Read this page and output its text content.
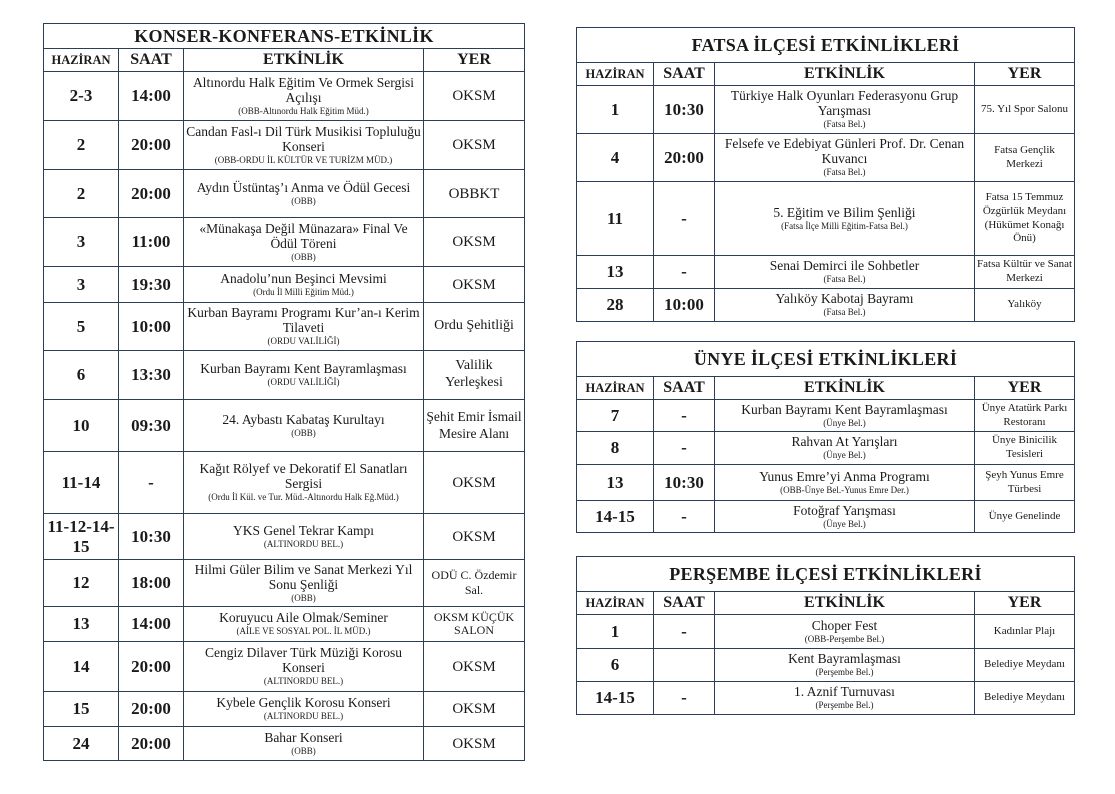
KONSER-KONFERANS-ETKİNLİK			
HAZİRAN	SAAT	ETKİNLİK	YER
2-3	14:00	Altınordu Halk Eğitim Ve Ormek Sergisi Açılışı
(OBB-Altınordu Halk Eğitim Müd.)	OKSM
2	20:00	Candan Fasl-ı Dil Türk Musikisi Topluluğu Konseri
(OBB-ORDU İL KÜLTÜR VE TURİZM MÜD.)	OKSM
2	20:00	Aydın Üstüntaş’ı Anma ve Ödül Gecesi
(OBB)	OBBKT
3	11:00	«Münakaşa Değil Münazara» Final Ve Ödül Töreni
(OBB)	OKSM
3	19:30	Anadolu’nun Beşinci Mevsimi
(Ordu İl Milli Eğitim Müd.)	OKSM
5	10:00	Kurban Bayramı Programı Kur’an-ı Kerim Tilaveti
(ORDU VALİLİĞİ)	Ordu Şehitliği
6	13:30	Kurban Bayramı Kent Bayramlaşması
(ORDU VALİLİĞİ)	Valilik Yerleşkesi
10	09:30	24. Aybastı Kabataş Kurultayı
(OBB)	Şehit Emir İsmail Mesire Alanı
11-14	-	Kağıt Rölyef ve Dekoratif El Sanatları Sergisi
(Ordu İl Kül. ve Tur. Müd.-Altınordu Halk Eğ.Müd.)	OKSM
11-12-14-15	10:30	YKS Genel Tekrar Kampı
(ALTINORDU BEL.)	OKSM
12	18:00	Hilmi Güler Bilim ve Sanat Merkezi Yıl Sonu Şenliği
(OBB)	ODÜ C. Özdemir Sal.
13	14:00	Koruyucu Aile Olmak/Seminer
(AİLE VE SOSYAL POL. İL MÜD.)	OKSM KÜÇÜK SALON
14	20:00	Cengiz Dilaver Türk Müziği Korosu Konseri
(ALTINORDU BEL.)	OKSM
15	20:00	Kybele Gençlik Korosu Konseri
(ALTINORDU BEL.)	OKSM
24	20:00	Bahar Konseri
(OBB)	OKSM
FATSA İLÇESİ ETKİNLİKLERİ			
HAZİRAN	SAAT	ETKİNLİK	YER
1	10:30	Türkiye Halk Oyunları Federasyonu Grup Yarışması
(Fatsa Bel.)	75. Yıl Spor Salonu
4	20:00	Felsefe ve Edebiyat Günleri Prof. Dr. Cenan Kuvancı
(Fatsa Bel.)	Fatsa Gençlik Merkezi
11	-	5. Eğitim ve Bilim Şenliği
(Fatsa İlçe Milli Eğitim-Fatsa Bel.)	Fatsa 15 Temmuz Özgürlük Meydanı (Hükümet Konağı Önü)
13	-	Senai Demirci ile Sohbetler
(Fatsa Bel.)	Fatsa Kültür ve Sanat Merkezi
28	10:00	Yalıköy Kabotaj Bayramı
(Fatsa Bel.)	Yalıköy
ÜNYE İLÇESİ ETKİNLİKLERİ			
HAZİRAN	SAAT	ETKİNLİK	YER
7	-	Kurban Bayramı Kent Bayramlaşması
(Ünye Bel.)	Ünye Atatürk Parkı Restoranı
8	-	Rahvan At Yarışları
(Ünye Bel.)	Ünye Binicilik Tesisleri
13	10:30	Yunus Emre’yi Anma Programı
(OBB-Ünye Bel.-Yunus Emre Der.)	Şeyh Yunus Emre Türbesi
14-15	-	Fotoğraf Yarışması
(Ünye Bel.)	Ünye Genelinde
PERŞEMBE İLÇESİ ETKİNLİKLERİ			
HAZİRAN	SAAT	ETKİNLİK	YER
1	-	Choper Fest
(OBB-Perşembe Bel.)	Kadınlar Plajı
6		Kent Bayramlaşması
(Perşembe Bel.)	Belediye Meydanı
14-15	-	1. Aznif Turnuvası
(Perşembe Bel.)	Belediye Meydanı
